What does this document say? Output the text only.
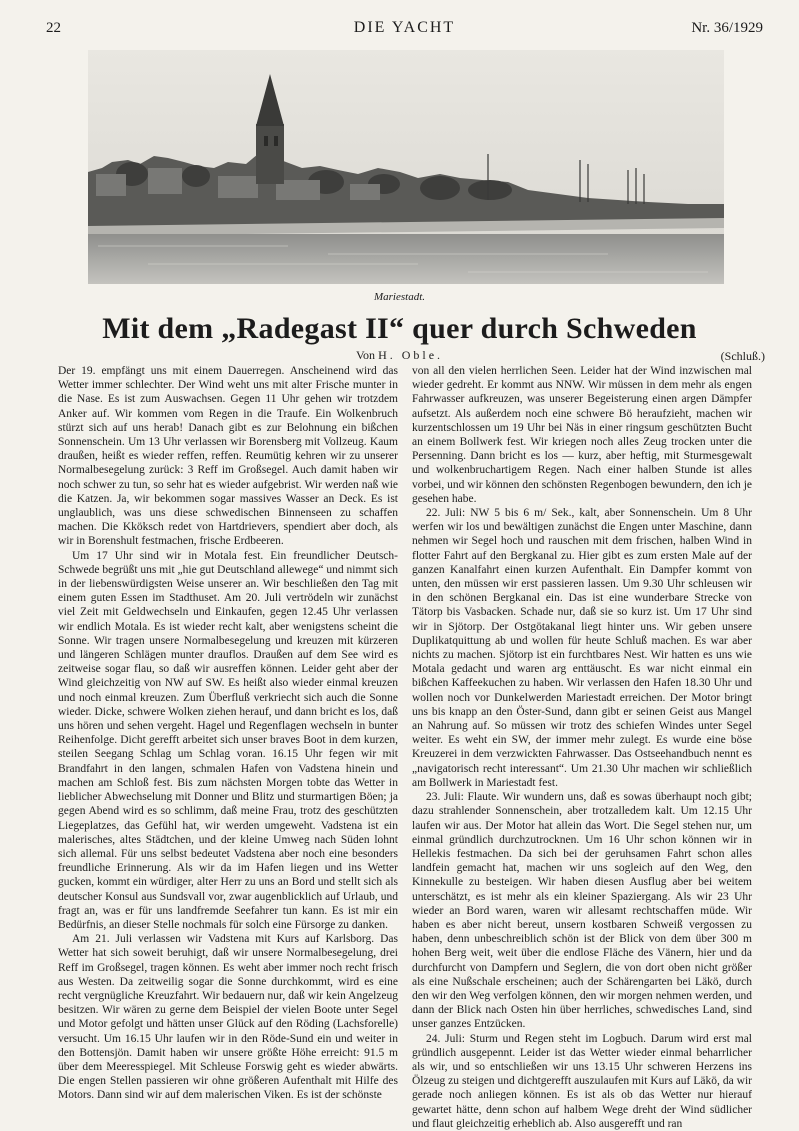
22	DIE YACHT	Nr. 36/1929
Mariestadt.
Mit dem „Radegast II“ quer durch Schweden
Von H. Oble.	(Schluß.)

Der 19. empfängt uns mit einem Dauerregen. Anscheinend wird das Wetter immer schlechter. Der Wind weht uns mit alter Frische munter in die Nase. Es ist zum Auswachsen. Gegen 11 Uhr gehen wir trotzdem Anker auf. Wir kommen vom Regen in die Traufe. Ein Wolkenbruch stürzt sich auf uns herab! Danach gibt es zur Belohnung ein bißchen Sonnenschein. Um 13 Uhr verlassen wir Borensberg mit Vollzeug. Kaum draußen, heißt es wieder reffen, reffen. Reumütig kehren wir zu unserer Normalbesegelung zurück: 3 Reff im Großsegel. Auch damit haben wir noch schwer zu tun, so sehr hat es wieder aufgebrist. Wir werden naß wie die Katzen. Ja, wir bekommen sogar massives Wasser an Deck. Es ist unglaublich, was uns diese schwedischen Binnenseen zu schaffen machen. Die Kköksch redet von Hartdrievers, spendiert aber doch, als wir in Borenshult festmachen, frische Erdbeeren.

Um 17 Uhr sind wir in Motala fest. Ein freundlicher Deutsch-Schwede begrüßt uns mit „hie gut Deutschland allewege“ und nimmt sich in der liebenswürdigsten Weise unserer an. Wir beschließen den Tag mit einem guten Essen im Stadthuset. Am 20. Juli vertrödeln wir zunächst viel Zeit mit Geldwechseln und Einkaufen, gegen 12.45 Uhr verlassen wir endlich Motala. Es ist wieder recht kalt, aber wenigstens scheint die Sonne. Wir tragen unsere Normalbesegelung und kreuzen mit kürzeren und längeren Schlägen munter drauflos. Draußen auf dem See wird es zeitweise sogar flau, so daß wir ausreffen können. Leider geht aber der Wind gleichzeitig von NW auf SW. Es heißt also wieder einmal kreuzen und noch einmal kreuzen. Zum Überfluß verkriecht sich auch die Sonne wieder. Dicke, schwere Wolken ziehen herauf, und dann bricht es los, daß uns hören und sehen vergeht. Hagel und Regenflagen wechseln in bunter Reihenfolge. Dicht gerefft arbeitet sich unser braves Boot in dem kurzen, steilen Seegang Schlag um Schlag voran. 16.15 Uhr fegen wir mit Brandfahrt in den langen, schmalen Hafen von Vadstena hinein und machen am Schloß fest. Bis zum nächsten Morgen tobte das Wetter in lieblicher Abwechselung mit Donner und Blitz und sturmartigen Böen; ja gegen Abend wird es so schlimm, daß meine Frau, trotz des geschützten Liegeplatzes, das Gefühl hat, wir werden umgeweht. Vadstena ist ein malerisches, altes Städtchen, und der kleine Umweg nach Süden lohnt sich allemal. Für uns selbst bedeutet Vadstena aber noch eine besonders freundliche Erinnerung. Als wir da im Hafen liegen und ins Wetter gucken, kommt ein würdiger, alter Herr zu uns an Bord und stellt sich als deutscher Konsul aus Sundsvall vor, zwar augenblicklich auf Urlaub, und fragt an, was er für uns landfremde Seefahrer tun kann. Es ist mir ein Bedürfnis, an dieser Stelle nochmals für solch eine Fürsorge zu danken.

Am 21. Juli verlassen wir Vadstena mit Kurs auf Karlsborg. Das Wetter hat sich soweit beruhigt, daß wir unsere Normalbesegelung, drei Reff im Großsegel, tragen können. Es weht aber immer noch recht frisch aus Westen. Da zeitweilig sogar die Sonne durchkommt, wird es eine recht vergnügliche Kreuzfahrt. Wir bedauern nur, daß wir kein Angelzeug besitzen. Wir wären zu gerne dem Beispiel der vielen Boote unter Segel und Motor gefolgt und hätten unser Glück auf den Röding (Lachsforelle) versucht. Um 16.15 Uhr laufen wir in den Röde-Sund ein und weiter in den Bottensjön. Damit haben wir unsere größte Höhe erreicht: 91.5 m über dem Meeresspiegel. Mit Schleuse Forswig geht es wieder abwärts. Die engen Stellen passieren wir ohne größeren Aufenthalt mit Hilfe des Motors. Dann sind wir auf dem malerischen Viken. Es ist der schönste

von all den vielen herrlichen Seen. Leider hat der Wind inzwischen mal wieder gedreht. Er kommt aus NNW. Wir müssen in dem mehr als engen Fahrwasser aufkreuzen, was unserer Begeisterung einen argen Dämpfer aufsetzt. Als außerdem noch eine schwere Bö heraufzieht, machen wir kurzentschlossen um 19 Uhr bei Näs in einer ringsum geschützten Bucht an einem Bollwerk fest. Wir kriegen noch alles Zeug trocken unter die Persenning. Dann bricht es los — kurz, aber heftig, mit Sturmesgewalt und wolkenbruchartigem Regen. Nach einer halben Stunde ist alles vorbei, und wir können den schönsten Regenbogen bewundern, den ich je gesehen habe.

22. Juli: NW 5 bis 6 m/ Sek., kalt, aber Sonnenschein. Um 8 Uhr werfen wir los und bewältigen zunächst die Engen unter Maschine, dann nehmen wir Segel hoch und rauschen mit dem frischen, halben Wind in flotter Fahrt auf den Bergkanal zu. Hier gibt es zum ersten Male auf der ganzen Kanalfahrt einen kurzen Aufenthalt. Ein Dampfer kommt von unten, den müssen wir erst passieren lassen. Um 9.30 Uhr schleusen wir in den schönen Bergkanal ein. Das ist eine wunderbare Strecke von Tätorp bis Vasbacken. Schade nur, daß sie so kurz ist. Um 17 Uhr sind wir in Sjötorp. Der Ostgötakanal liegt hinter uns. Wir geben unsere Duplikatquittung ab und wollen für heute Schluß machen. Es war aber nichts zu machen. Sjötorp ist ein furchtbares Nest. Wir hatten es uns wie Motala gedacht und waren arg enttäuscht. Es war nicht einmal ein bißchen Kaffeekuchen zu haben. Wir verlassen den Hafen 18.30 Uhr und wollen noch vor Dunkelwerden Mariestadt erreichen. Der Motor bringt uns bis knapp an den Öster-Sund, dann gibt er seinen Geist aus Mangel an Nahrung auf. So müssen wir trotz des schiefen Windes unter Segel weiter. Es weht ein SW, der immer mehr zulegt. Es wurde eine böse Kreuzerei in dem verzwickten Fahrwasser. Das Ostseehandbuch nennt es „navigatorisch recht interessant“. Um 21.30 Uhr machen wir schließlich am Bollwerk in Mariestadt fest.

23. Juli: Flaute. Wir wundern uns, daß es sowas überhaupt noch gibt; dazu strahlender Sonnenschein, aber trotzalledem kalt. Um 12.15 Uhr laufen wir aus. Der Motor hat allein das Wort. Die Segel stehen nur, um einmal gründlich durchzutrocknen. Um 16 Uhr schon können wir in Hellekis festmachen. Da sich bei der geruhsamen Fahrt schon alles landfein gemacht hat, machen wir uns sogleich auf den Weg, den Kinnekulle zu besteigen. Wir haben diesen Ausflug aber bei weitem unterschätzt, es ist mehr als ein kleiner Spaziergang. Als wir 23 Uhr wieder an Bord waren, waren wir allesamt rechtschaffen müde. Wir haben es aber nicht bereut, unsern kostbaren Schweiß vergossen zu haben, denn unbeschreiblich schön ist der Blick von dem über 300 m hohen Berg weit, weit über die endlose Fläche des Vänern, hier und da durchfurcht von Dampfern und Seglern, die von dort oben nicht größer als eine Nußschale erscheinen; auch der Schärengarten bei Läkö, durch den wir den Weg verfolgen können, den wir morgen nehmen werden, und dann der Blick nach Osten hin über herrliches, schwedisches Land, sind unser ganzes Entzücken.

24. Juli: Sturm und Regen steht im Logbuch. Darum wird erst mal gründlich ausgepennt. Leider ist das Wetter wieder einmal beharrlicher als wir, und so entschließen wir uns 13.15 Uhr schweren Herzens ins Ölzeug zu steigen und dichtgerefft auszulaufen mit Kurs auf Läkö, da wir gerade noch anliegen können. Es ist als ob das Wetter nur hierauf gewartet hätte, denn schon auf halbem Wege dreht der Wind südlicher und flaut gleichzeitig erheblich ab. Also ausgerefft und ran
